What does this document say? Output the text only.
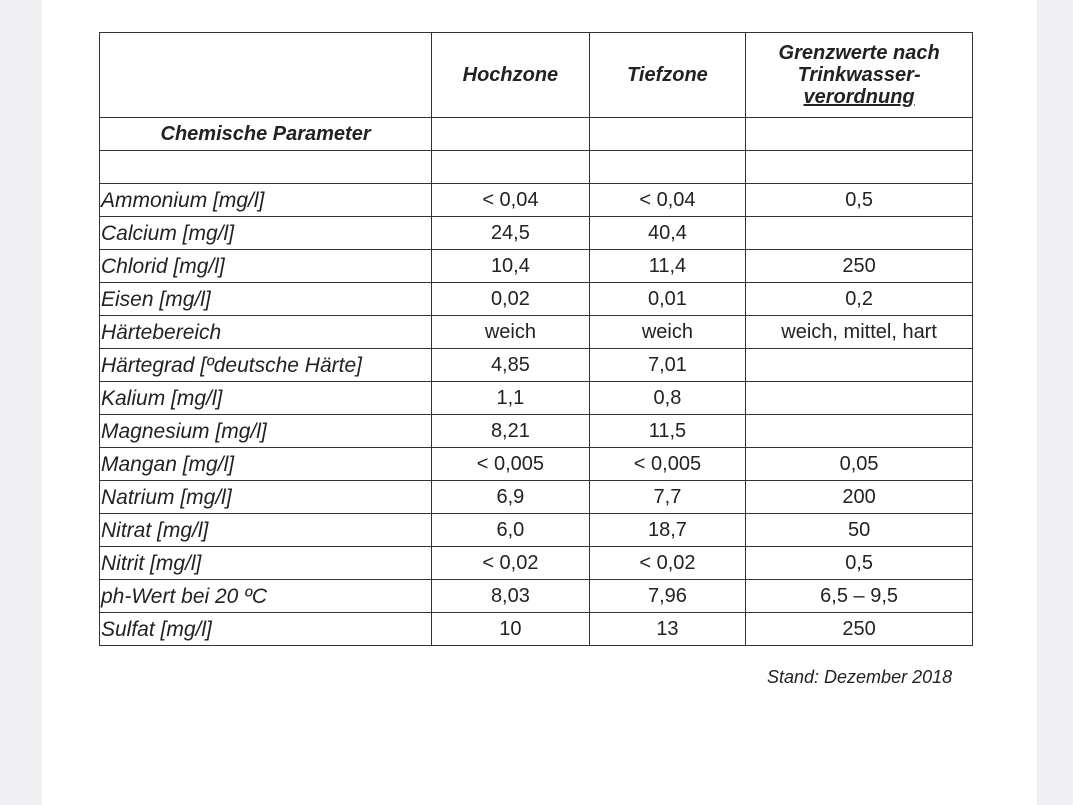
	Hochzone	Tiefzone	Grenzwerte nach
Trinkwasser-
verordnung
Chemische Parameter			

Ammonium [mg/l]	< 0,04	< 0,04	0,5
Calcium [mg/l]	24,5	40,4	
Chlorid [mg/l]	10,4	11,4	250
Eisen [mg/l]	0,02	0,01	0,2
Härtebereich	weich	weich	weich, mittel, hart
Härtegrad [ºdeutsche Härte]	4,85	7,01	
Kalium [mg/l]	1,1	0,8	
Magnesium [mg/l]	8,21	11,5	
Mangan [mg/l]	< 0,005	< 0,005	0,05
Natrium [mg/l]	6,9	7,7	200
Nitrat [mg/l]	6,0	18,7	50
Nitrit [mg/l]	< 0,02	< 0,02	0,5
ph-Wert bei 20 ºC	8,03	7,96	6,5 – 9,5
Sulfat [mg/l]	10	13	250
Stand: Dezember 2018
